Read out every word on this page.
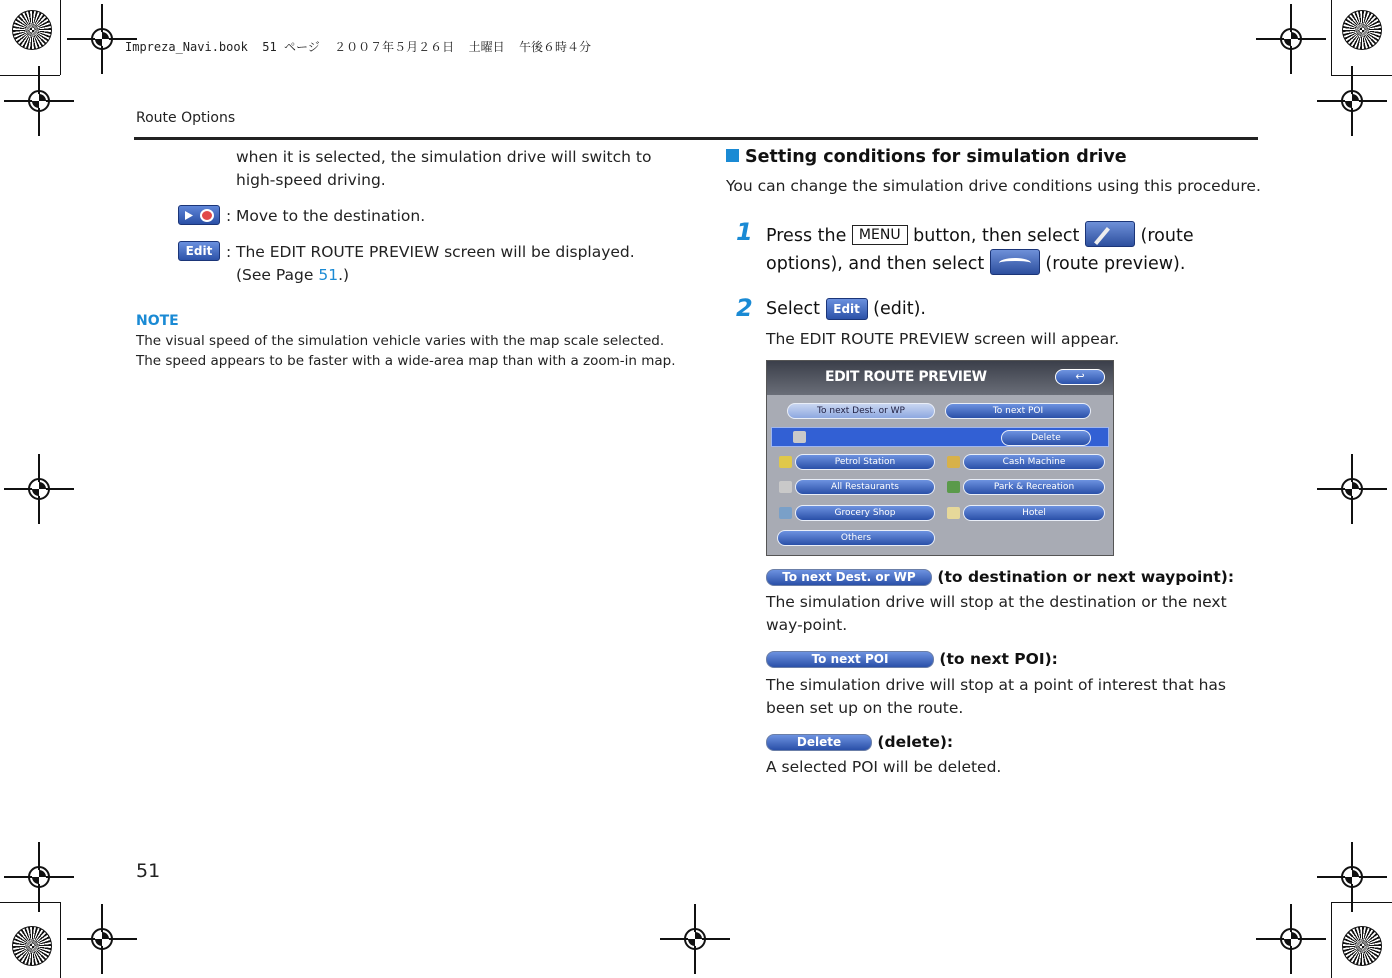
Impreza_Navi.book  51 ページ  ２００７年５月２６日  土曜日  午後６時４分
Route Options
when it is selected, the simulation drive will switch to high-speed driving.
: Move to the destination.
Edit : The EDIT ROUTE PREVIEW screen will be displayed. (See Page 51.)
NOTE
The visual speed of the simulation vehicle varies with the map scale selected.
The speed appears to be faster with a wide-area map than with a zoom-in map.
Setting conditions for simulation drive
You can change the simulation drive conditions using this procedure.
1 Press the MENU button, then select	(route
options), and then select	(route preview).
2 Select Edit (edit).
The EDIT ROUTE PREVIEW screen will appear.
EDIT ROUTE PREVIEW	↩
To next Dest. or WP	To next POI
Delete
Petrol Station	Cash Machine
All Restaurants	Park & Recreation
Grocery Shop	Hotel
Others
To next Dest. or WP (to destination or next waypoint):
The simulation drive will stop at the destination or the next way-point.
To next POI	(to next POI):
The simulation drive will stop at a point of interest that has been set up on the route.
Delete (delete):
A selected POI will be deleted.
51
